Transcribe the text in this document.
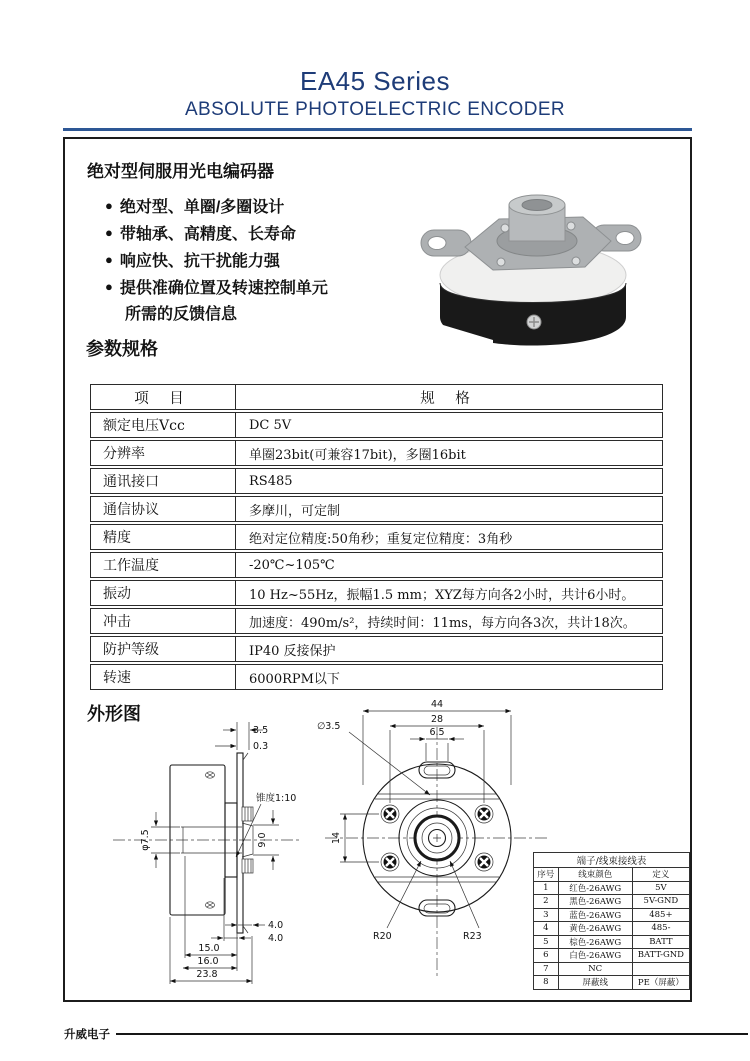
EA45 Series
ABSOLUTE PHOTOELECTRIC ENCODER
绝对型伺服用光电编码器
● 绝对型、单圈/多圈设计
● 带轴承、高精度、长寿命
● 响应快、抗干扰能力强
● 提供准确位置及转速控制单元
所需的反馈信息
参数规格
项 目	规 格
额定电压Vcc	DC 5V
分辨率	单圈23bit(可兼容17bit)，多圈16bit
通讯接口	RS485
通信协议	多摩川，可定制
精度	绝对定位精度:50角秒；重复定位精度：3角秒
工作温度	-20℃~105℃
振动	10 Hz~55Hz，振幅1.5 mm；XYZ每方向各2小时，共计6小时。
冲击	加速度：490m/s²，持续时间：11ms，每方向各3次，共计18次。
防护等级	IP40 反接保护
转速	6000RPM以下
外形图
3.5
0.3
锥度1:10
φ7.5	9.0
4.0
4.0
15.0
16.0
23.8
44
28
∅3.5
6.5
14
R20	R23
端子/线束接线表		
序号	线束颜色	定义
1	红色-26AWG	5V
2	黑色-26AWG	5V-GND
3	蓝色-26AWG	485+
4	黄色-26AWG	485-
5	棕色-26AWG	BATT
6	白色-26AWG	BATT-GND
7	NC	
8	屏蔽线	PE（屏蔽）
升威电子
